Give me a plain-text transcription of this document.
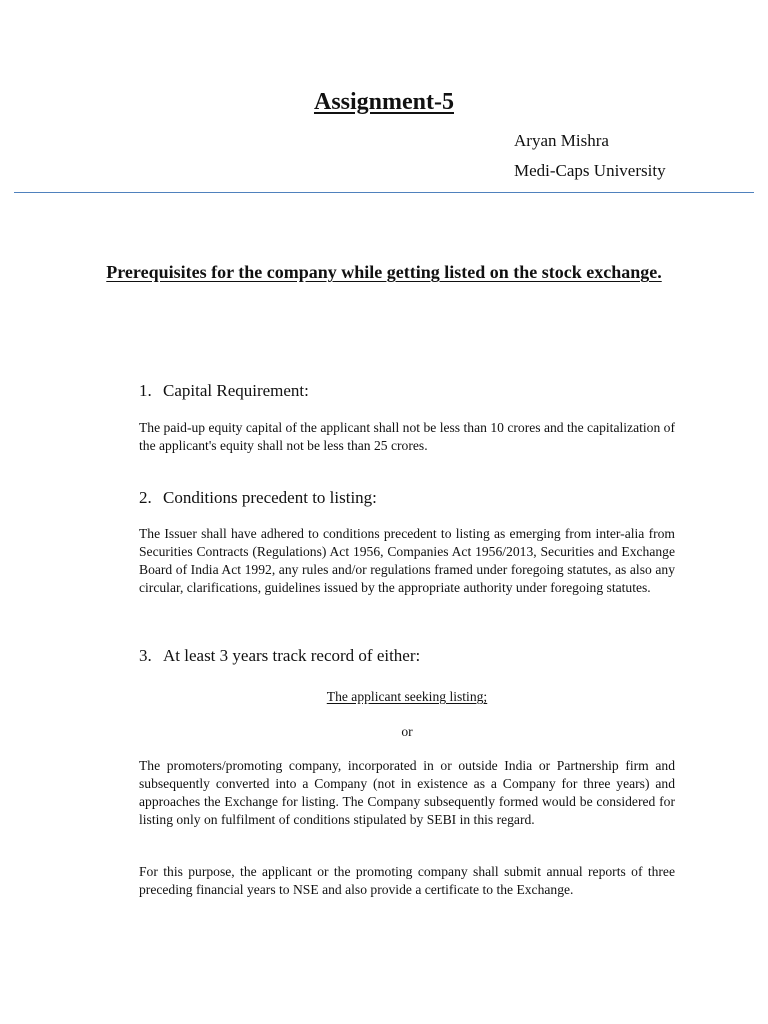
Assignment-5
Aryan Mishra
Medi-Caps University
Prerequisites for the company while getting listed on the stock exchange.
1. Capital Requirement:
The paid-up equity capital of the applicant shall not be less than 10 crores and the capitalization of the applicant's equity shall not be less than 25 crores.
2. Conditions precedent to listing:
The Issuer shall have adhered to conditions precedent to listing as emerging from inter-alia from Securities Contracts (Regulations) Act 1956, Companies Act 1956/2013, Securities and Exchange Board of India Act 1992, any rules and/or regulations framed under foregoing statutes, as also any circular, clarifications, guidelines issued by the appropriate authority under foregoing statutes.
3. At least 3 years track record of either:
The applicant seeking listing;
or
The promoters/promoting company, incorporated in or outside India or Partnership firm and subsequently converted into a Company (not in existence as a Company for three years) and approaches the Exchange for listing. The Company subsequently formed would be considered for listing only on fulfilment of conditions stipulated by SEBI in this regard.
For this purpose, the applicant or the promoting company shall submit annual reports of three preceding financial years to NSE and also provide a certificate to the Exchange.
